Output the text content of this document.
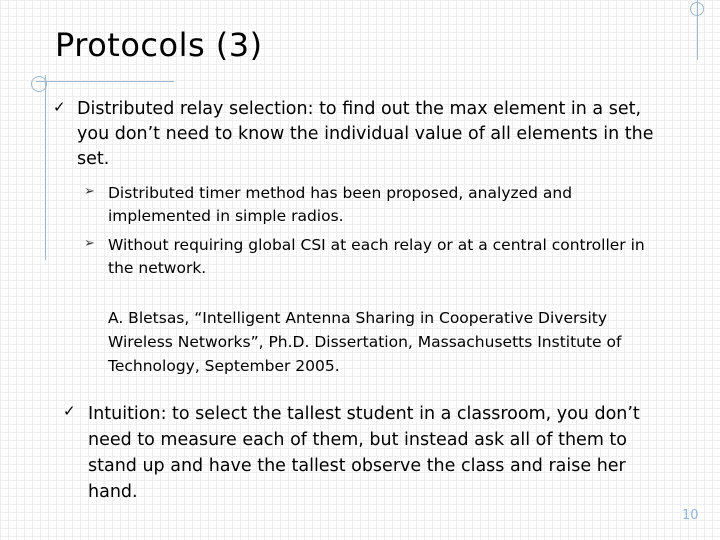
Protocols (3)
✓ Distributed relay selection: to find out the max element in a set, you don’t need to know the individual value of all elements in the set.
➢ Distributed timer method has been proposed, analyzed and implemented in simple radios.
➢ Without requiring global CSI at each relay or at a central controller in the network.
A. Bletsas, “Intelligent Antenna Sharing in Cooperative Diversity Wireless Networks”, Ph.D. Dissertation, Massachusetts Institute of Technology, September 2005.
✓ Intuition: to select the tallest student in a classroom, you don’t need to measure each of them, but instead ask all of them to stand up and have the tallest observe the class and raise her hand.
10
